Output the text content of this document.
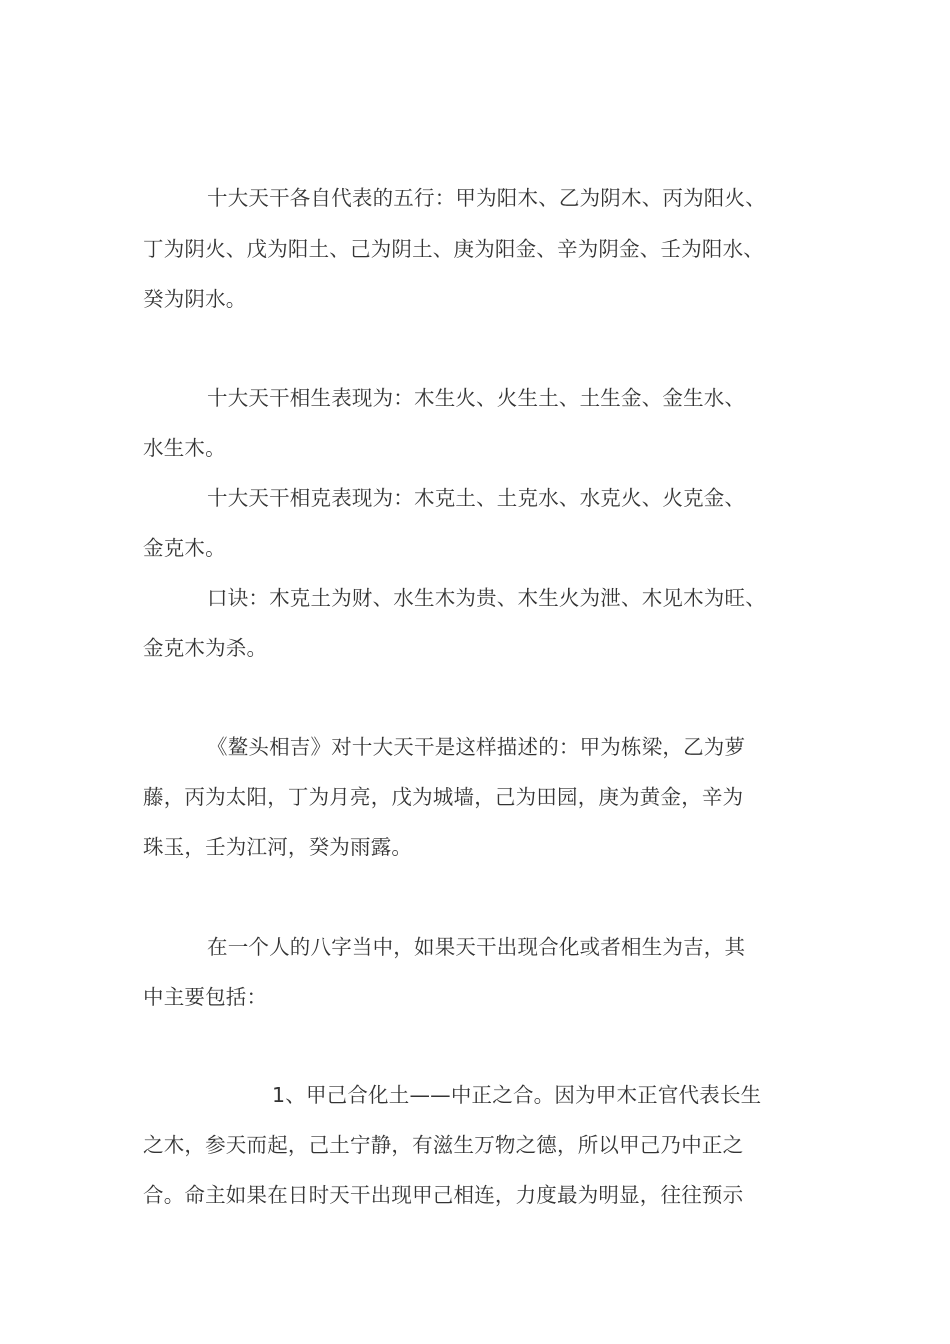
十大天干各自代表的五行：甲为阳木、乙为阴木、丙为阳火、
丁为阴火、戊为阳土、己为阴土、庚为阳金、辛为阴金、壬为阳水、
癸为阴水。
十大天干相生表现为：木生火、火生土、土生金、金生水、
水生木。
十大天干相克表现为：木克土、土克水、水克火、火克金、
金克木。
口诀：木克土为财、水生木为贵、木生火为泄、木见木为旺、
金克木为杀。
《鳌头相吉》对十大天干是这样描述的：甲为栋梁，乙为萝
藤，丙为太阳，丁为月亮，戊为城墙，己为田园，庚为黄金，辛为
珠玉，壬为江河，癸为雨露。
在一个人的八字当中，如果天干出现合化或者相生为吉，其
中主要包括：
1、甲己合化土——中正之合。因为甲木正官代表长生
之木，参天而起，己土宁静，有滋生万物之德，所以甲己乃中正之
合。命主如果在日时天干出现甲己相连，力度最为明显，往往预示
